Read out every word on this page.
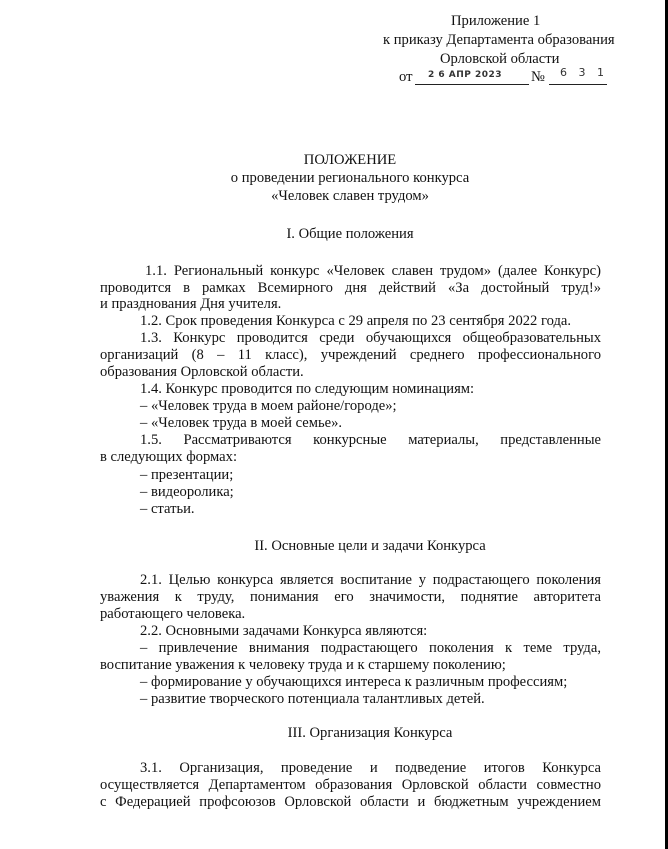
Приложение 1
к приказу Департамента образования
Орловской области
от 2 6 АПР 2023 № 6 3 1
ПОЛОЖЕНИЕ
о проведении регионального конкурса
«Человек славен трудом»
I. Общие положения
1.1. Региональный конкурс «Человек славен трудом» (далее Конкурс)
проводится в рамках Всемирного дня действий «За достойный труд!»
и празднования Дня учителя.
1.2. Срок проведения Конкурса с 29 апреля по 23 сентября 2022 года.
1.3. Конкурс проводится среди обучающихся общеобразовательных
организаций (8 – 11 класс), учреждений среднего профессионального
образования Орловской области.
1.4. Конкурс проводится по следующим номинациям:
– «Человек труда в моем районе/городе»;
– «Человек труда в моей семье».
1.5. Рассматриваются конкурсные материалы, представленные
в следующих формах:
– презентации;
– видеоролика;
– статьи.
II. Основные цели и задачи Конкурса
2.1. Целью конкурса является воспитание у подрастающего поколения
уважения к труду, понимания его значимости, поднятие авторитета
работающего человека.
2.2. Основными задачами Конкурса являются:
– привлечение внимания подрастающего поколения к теме труда,
воспитание уважения к человеку труда и к старшему поколению;
– формирование у обучающихся интереса к различным профессиям;
– развитие творческого потенциала талантливых детей.
III. Организация Конкурса
3.1. Организация, проведение и подведение итогов Конкурса
осуществляется Департаментом образования Орловской области совместно
с Федерацией профсоюзов Орловской области и бюджетным учреждением
